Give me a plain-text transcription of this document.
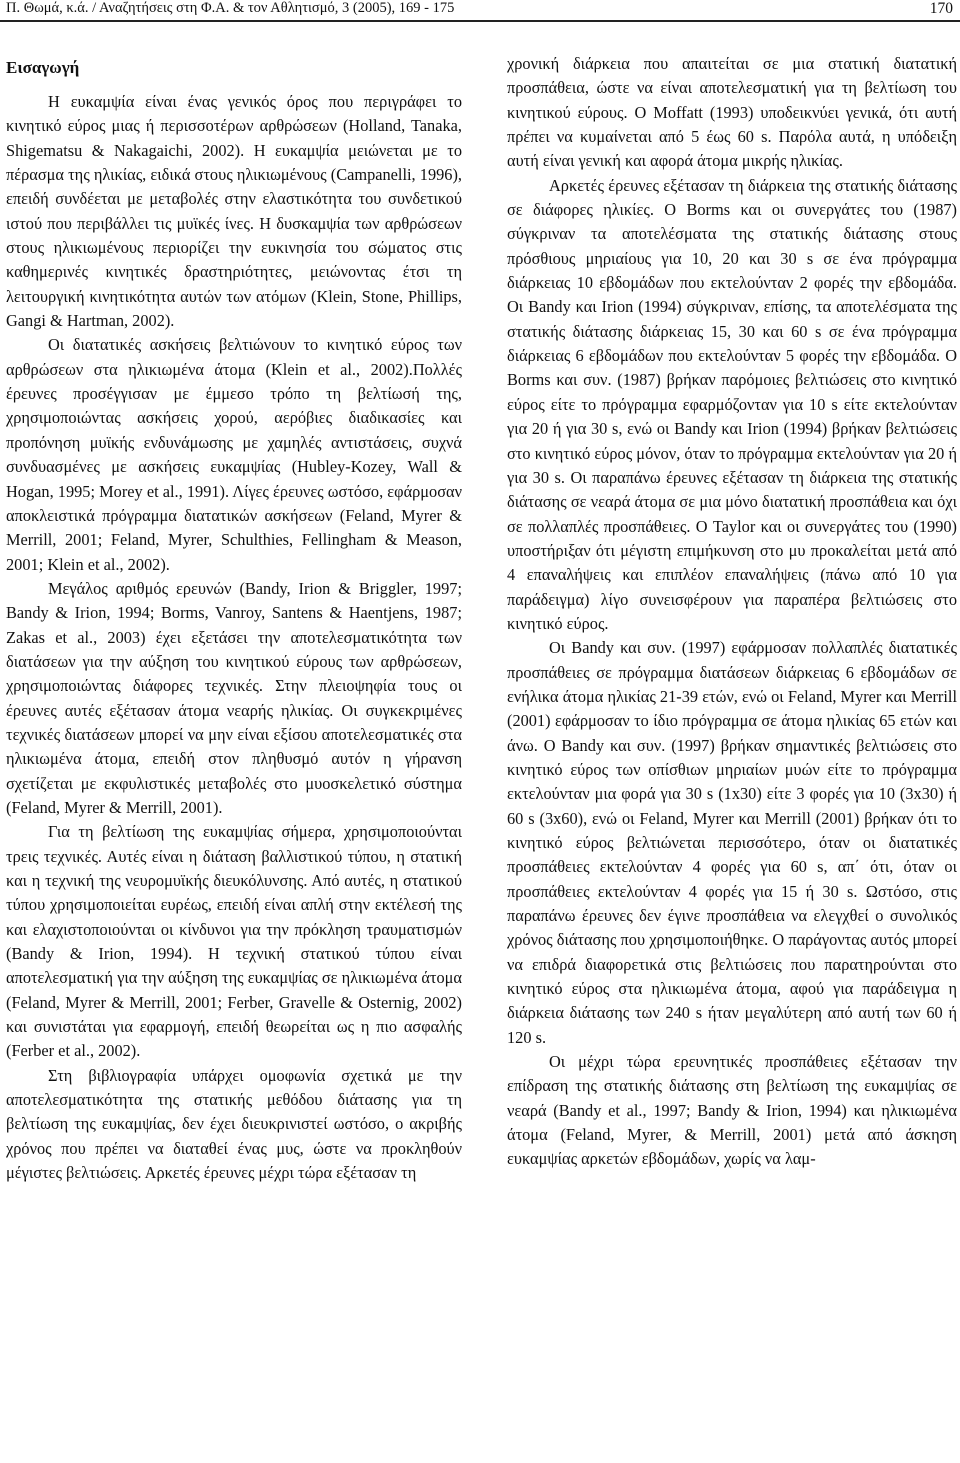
Π. Θωμά, κ.ά. / Αναζητήσεις στη Φ.Α. & τον Αθλητισμό, 3 (2005), 169 - 175	170
Εισαγωγή

Η ευκαμψία είναι ένας γενικός όρος που περιγράφει το κινητικό εύρος μιας ή περισσοτέρων αρθρώσεων (Holland, Tanaka, Shigematsu & Nakagaichi, 2002). Η ευκαμψία μειώνεται με το πέρασμα της ηλικίας, ειδικά στους ηλικιωμένους (Campanelli, 1996), επειδή συνδέεται με μεταβολές στην ελαστικότητα του συνδετικού ιστού που περιβάλλει τις μυϊκές ίνες. Η δυσκαμψία των αρθρώσεων στους ηλικιωμένους περιορίζει την ευκινησία του σώματος στις καθημερινές κινητικές δραστηριότητες, μειώνοντας έτσι τη λειτουργική κινητικότητα αυτών των ατόμων (Klein, Stone, Phillips, Gangi & Hartman, 2002).

Οι διατατικές ασκήσεις βελτιώνουν το κινητικό εύρος των αρθρώσεων στα ηλικιωμένα άτομα (Klein et al., 2002).Πολλές έρευνες προσέγγισαν με έμμεσο τρόπο τη βελτίωσή της, χρησιμοποιώντας ασκήσεις χορού, αερόβιες διαδικασίες και προπόνηση μυϊκής ενδυνάμωσης με χαμηλές αντιστάσεις, συχνά συνδυασμένες με ασκήσεις ευκαμψίας (Hubley-Kozey, Wall & Hogan, 1995; Morey et al., 1991). Λίγες έρευνες ωστόσο, εφάρμοσαν αποκλειστικά πρόγραμμα διατατικών ασκήσεων (Feland, Myrer & Merrill, 2001; Feland, Myrer, Schulthies, Fellingham & Meason, 2001; Klein et al., 2002).

Μεγάλος αριθμός ερευνών (Bandy, Irion & Briggler, 1997; Bandy & Irion, 1994; Borms, Vanroy, Santens & Haentjens, 1987; Zakas et al., 2003) έχει εξετάσει την αποτελεσματικότητα των διατάσεων για την αύξηση του κινητικού εύρους των αρθρώσεων, χρησιμοποιώντας διάφορες τεχνικές. Στην πλειοψηφία τους οι έρευνες αυτές εξέτασαν άτομα νεαρής ηλικίας. Οι συγκεκριμένες τεχνικές διατάσεων μπορεί να μην είναι εξίσου αποτελεσματικές στα ηλικιωμένα άτομα, επειδή στον πληθυσμό αυτόν η γήρανση σχετίζεται με εκφυλιστικές μεταβολές στο μυοσκελετικό σύστημα (Feland, Myrer & Merrill, 2001).

Για τη βελτίωση της ευκαμψίας σήμερα, χρησιμοποιούνται τρεις τεχνικές. Αυτές είναι η διάταση βαλλιστικού τύπου, η στατική και η τεχνική της νευρομυϊκής διευκόλυνσης. Από αυτές, η στατικού τύπου χρησιμοποιείται ευρέως, επειδή είναι απλή στην εκτέλεσή της και ελαχιστοποιούνται οι κίνδυνοι για την πρόκληση τραυματισμών (Bandy & Irion, 1994). Η τεχνική στατικού τύπου είναι αποτελεσματική για την αύξηση της ευκαμψίας σε ηλικιωμένα άτομα (Feland, Myrer & Merrill, 2001; Ferber, Gravelle & Osternig, 2002) και συνιστάται για εφαρμογή, επειδή θεωρείται ως η πιο ασφαλής (Ferber et al., 2002).

Στη βιβλιογραφία υπάρχει ομοφωνία σχετικά με την αποτελεσματικότητα της στατικής μεθόδου διάτασης για τη βελτίωση της ευκαμψίας, δεν έχει διευκρινιστεί ωστόσο, ο ακριβής χρόνος που πρέπει να διαταθεί ένας μυς, ώστε να προκληθούν μέγιστες βελτιώσεις. Αρκετές έρευνες μέχρι τώρα εξέτασαν τη

χρονική διάρκεια που απαιτείται σε μια στατική διατατική προσπάθεια, ώστε να είναι αποτελεσματική για τη βελτίωση του κινητικού εύρους. Ο Moffatt (1993) υποδεικνύει γενικά, ότι αυτή πρέπει να κυμαίνεται από 5 έως 60 s. Παρόλα αυτά, η υπόδειξη αυτή είναι γενική και αφορά άτομα μικρής ηλικίας.

Αρκετές έρευνες εξέτασαν τη διάρκεια της στατικής διάτασης σε διάφορες ηλικίες. Ο Borms και οι συνεργάτες του (1987) σύγκριναν τα αποτελέσματα της στατικής διάτασης στους πρόσθιους μηριαίους για 10, 20 και 30 s σε ένα πρόγραμμα διάρκειας 10 εβδομάδων που εκτελούνταν 2 φορές την εβδομάδα. Οι Bandy και Irion (1994) σύγκριναν, επίσης, τα αποτελέσματα της στατικής διάτασης διάρκειας 15, 30 και 60 s σε ένα πρόγραμμα διάρκειας 6 εβδομάδων που εκτελούνταν 5 φορές την εβδομάδα. Ο Borms και συν. (1987) βρήκαν παρόμοιες βελτιώσεις στο κινητικό εύρος είτε το πρόγραμμα εφαρμόζονταν για 10 s είτε εκτελούνταν για 20 ή για 30 s, ενώ οι Bandy και Irion (1994) βρήκαν βελτιώσεις στο κινητικό εύρος μόνον, όταν το πρόγραμμα εκτελούνταν για 20 ή για 30 s. Οι παραπάνω έρευνες εξέτασαν τη διάρκεια της στατικής διάτασης σε νεαρά άτομα σε μια μόνο διατατική προσπάθεια και όχι σε πολλαπλές προσπάθειες. Ο Taylor και οι συνεργάτες του (1990) υποστήριξαν ότι μέγιστη επιμήκυνση στο μυ προκαλείται μετά από 4 επαναλήψεις και επιπλέον επαναλήψεις (πάνω από 10 για παράδειγμα) λίγο συνεισφέρουν για παραπέρα βελτιώσεις στο κινητικό εύρος.

Οι Bandy και συν. (1997) εφάρμοσαν πολλαπλές διατατικές προσπάθειες σε πρόγραμμα διατάσεων διάρκειας 6 εβδομάδων σε ενήλικα άτομα ηλικίας 21-39 ετών, ενώ οι Feland, Myrer και Merrill (2001) εφάρμοσαν το ίδιο πρόγραμμα σε άτομα ηλικίας 65 ετών και άνω. Ο Bandy και συν. (1997) βρήκαν σημαντικές βελτιώσεις στο κινητικό εύρος των οπίσθιων μηριαίων μυών είτε το πρόγραμμα εκτελούνταν μια φορά για 30 s (1x30) είτε 3 φορές για 10 (3x30) ή 60 s (3x60), ενώ οι Feland, Myrer και Merrill (2001) βρήκαν ότι το κινητικό εύρος βελτιώνεται περισσότερο, όταν οι διατατικές προσπάθειες εκτελούνταν 4 φορές για 60 s, απ΄ ότι, όταν οι προσπάθειες εκτελούνταν 4 φορές για 15 ή 30 s. Ωστόσο, στις παραπάνω έρευνες δεν έγινε προσπάθεια να ελεγχθεί ο συνολικός χρόνος διάτασης που χρησιμοποιήθηκε. Ο παράγοντας αυτός μπορεί να επιδρά διαφορετικά στις βελτιώσεις που παρατηρούνται στο κινητικό εύρος στα ηλικιωμένα άτομα, αφού για παράδειγμα η διάρκεια διάτασης των 240 s ήταν μεγαλύτερη από αυτή των 60 ή 120 s.

Οι μέχρι τώρα ερευνητικές προσπάθειες εξέτασαν την επίδραση της στατικής διάτασης στη βελτίωση της ευκαμψίας σε νεαρά (Bandy et al., 1997; Bandy & Irion, 1994) και ηλικιωμένα άτομα (Feland, Myrer, & Merrill, 2001) μετά από άσκηση ευκαμψίας αρκετών εβδομάδων, χωρίς να λαμ-
